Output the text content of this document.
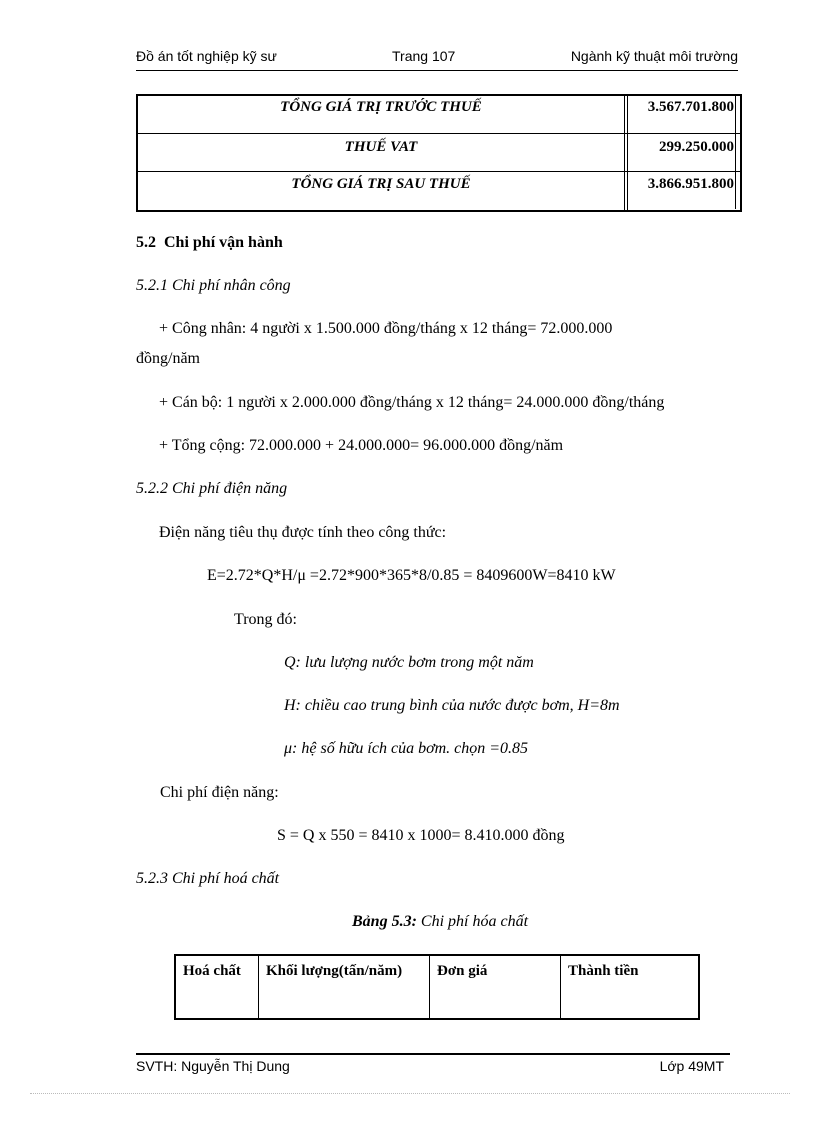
Đồ án tốt nghiệp kỹ sư	Trang 107	Ngành kỹ thuật môi trường
TỔNG GIÁ TRỊ TRƯỚC THUẾ	3.567.701.800
THUẾ VAT	299.250.000
TỔNG GIÁ TRỊ SAU THUẾ	3.866.951.800
5.2 Chi phí vận hành
5.2.1 Chi phí nhân công
+ Công nhân: 4 người x 1.500.000 đồng/tháng x 12 tháng= 72.000.000
đồng/năm
+ Cán bộ: 1 người x 2.000.000 đồng/tháng x 12 tháng= 24.000.000 đồng/tháng
+ Tổng cộng: 72.000.000 + 24.000.000= 96.000.000 đồng/năm
5.2.2 Chi phí điện năng
Điện năng tiêu thụ được tính theo công thức:
E=2.72*Q*H/μ =2.72*900*365*8/0.85 = 8409600W=8410 kW
Trong đó:
Q: lưu lượng nước bơm trong một năm
H: chiều cao trung bình của nước được bơm, H=8m
μ: hệ số hữu ích của bơm. chọn =0.85
Chi phí điện năng:
S = Q x 550 = 8410 x 1000= 8.410.000 đồng
5.2.3 Chi phí hoá chất
Bảng 5.3: Chi phí hóa chất
Hoá chất	Khối lượng(tấn/năm)	Đơn giá	Thành tiền
SVTH: Nguyễn Thị Dung	Lớp 49MT
